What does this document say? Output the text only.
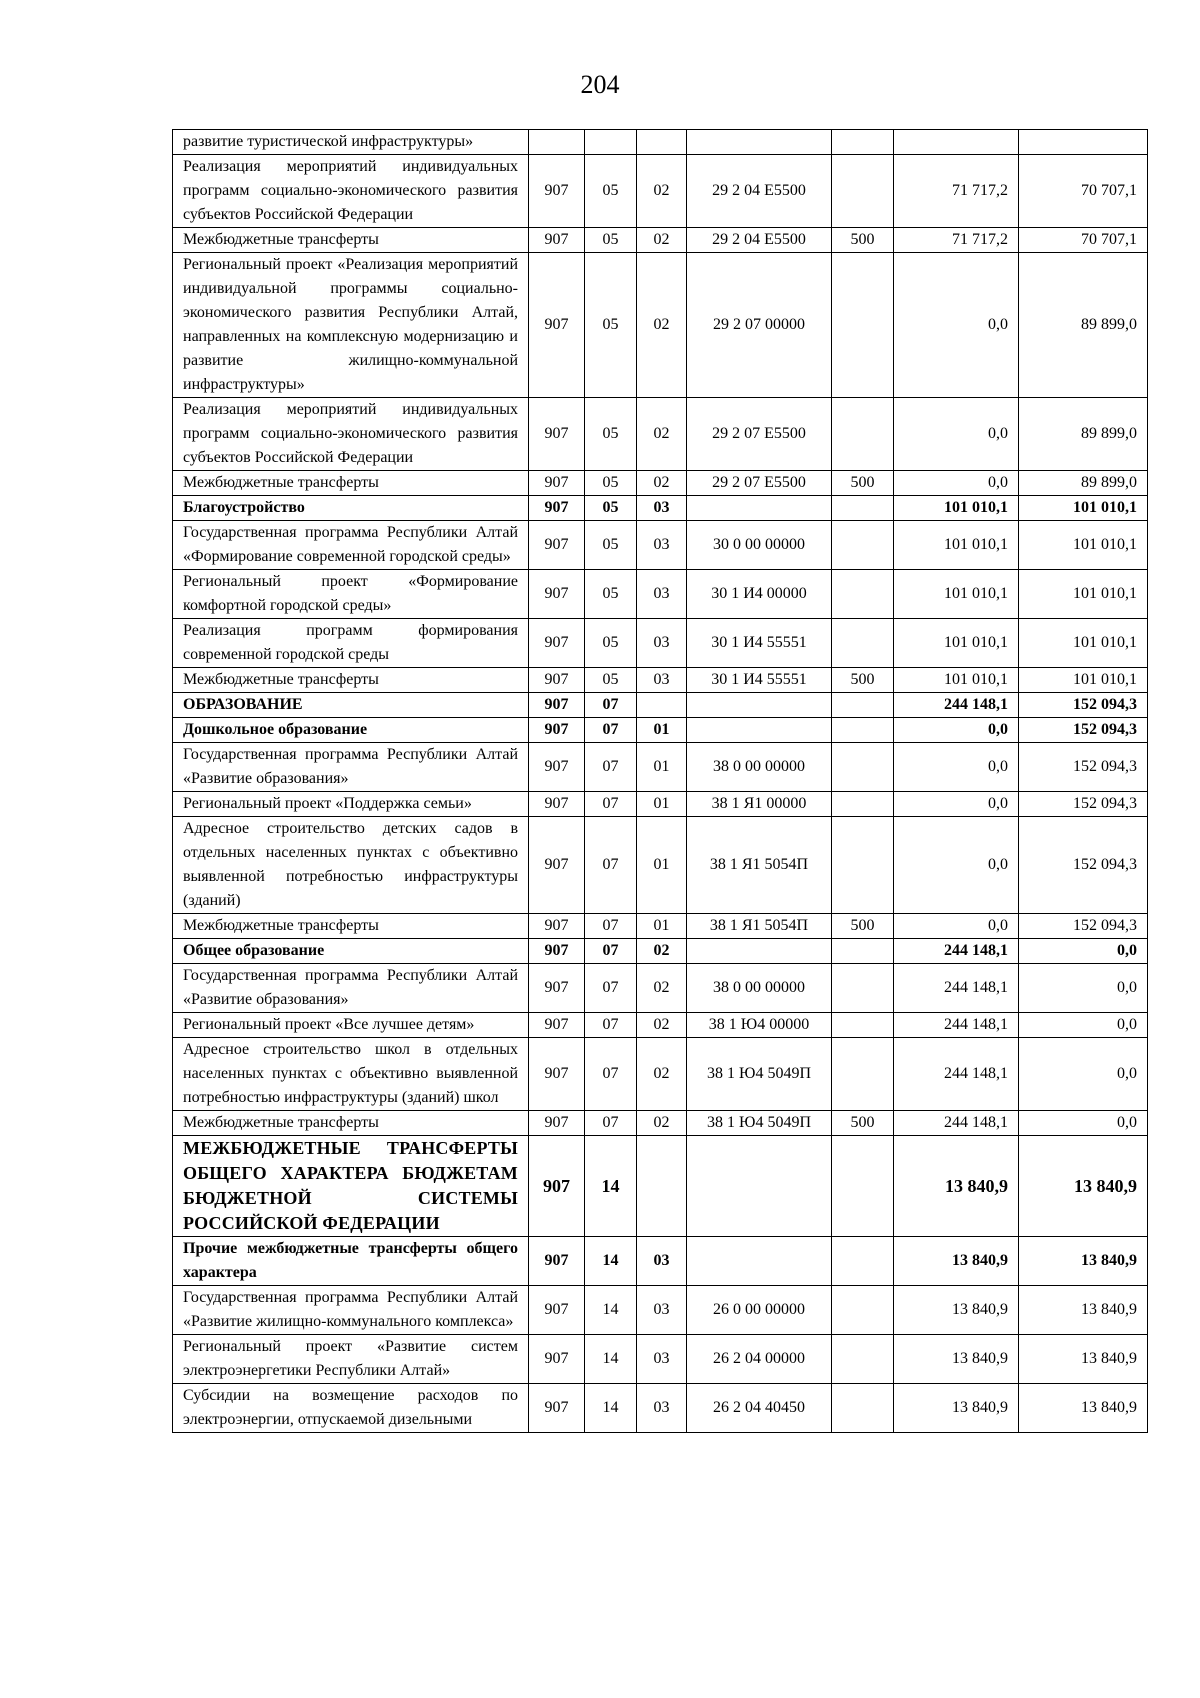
204
развитие туристической инфраструктуры»							
Реализация мероприятий индивидуальных программ социально-экономического развития субъектов Российской Федерации	907	05	02	29 2 04 Е5500		71 717,2	70 707,1
Межбюджетные трансферты	907	05	02	29 2 04 Е5500	500	71 717,2	70 707,1
Региональный проект «Реализация мероприятий индивидуальной программы социально-экономического развития Республики Алтай, направленных на комплексную модернизацию и развитие жилищно-коммунальной инфраструктуры»	907	05	02	29 2 07 00000		0,0	89 899,0
Реализация мероприятий индивидуальных программ социально-экономического развития субъектов Российской Федерации	907	05	02	29 2 07 Е5500		0,0	89 899,0
Межбюджетные трансферты	907	05	02	29 2 07 Е5500	500	0,0	89 899,0
Благоустройство	907	05	03			101 010,1	101 010,1
Государственная программа Республики Алтай «Формирование современной городской среды»	907	05	03	30 0 00 00000		101 010,1	101 010,1
Региональный проект «Формирование комфортной городской среды»	907	05	03	30 1 И4 00000		101 010,1	101 010,1
Реализация программ формирования современной городской среды	907	05	03	30 1 И4 55551		101 010,1	101 010,1
Межбюджетные трансферты	907	05	03	30 1 И4 55551	500	101 010,1	101 010,1
ОБРАЗОВАНИЕ	907	07				244 148,1	152 094,3
Дошкольное образование	907	07	01			0,0	152 094,3
Государственная программа Республики Алтай «Развитие образования»	907	07	01	38 0 00 00000		0,0	152 094,3
Региональный проект «Поддержка семьи»	907	07	01	38 1 Я1 00000		0,0	152 094,3
Адресное строительство детских садов в отдельных населенных пунктах с объективно выявленной потребностью инфраструктуры (зданий)	907	07	01	38 1 Я1 5054П		0,0	152 094,3
Межбюджетные трансферты	907	07	01	38 1 Я1 5054П	500	0,0	152 094,3
Общее образование	907	07	02			244 148,1	0,0
Государственная программа Республики Алтай «Развитие образования»	907	07	02	38 0 00 00000		244 148,1	0,0
Региональный проект «Все лучшее детям»	907	07	02	38 1 Ю4 00000		244 148,1	0,0
Адресное строительство школ в отдельных населенных пунктах с объективно выявленной потребностью инфраструктуры (зданий) школ	907	07	02	38 1 Ю4 5049П		244 148,1	0,0
Межбюджетные трансферты	907	07	02	38 1 Ю4 5049П	500	244 148,1	0,0
МЕЖБЮДЖЕТНЫЕ ТРАНСФЕРТЫ ОБЩЕГО ХАРАКТЕРА БЮДЖЕТАМ БЮДЖЕТНОЙ СИСТЕМЫ РОССИЙСКОЙ ФЕДЕРАЦИИ	907	14				13 840,9	13 840,9
Прочие межбюджетные трансферты общего характера	907	14	03			13 840,9	13 840,9
Государственная программа Республики Алтай «Развитие жилищно-коммунального комплекса»	907	14	03	26 0 00 00000		13 840,9	13 840,9
Региональный проект «Развитие систем электроэнергетики Республики Алтай»	907	14	03	26 2 04 00000		13 840,9	13 840,9
Субсидии на возмещение расходов по электроэнергии, отпускаемой дизельными	907	14	03	26 2 04 40450		13 840,9	13 840,9
